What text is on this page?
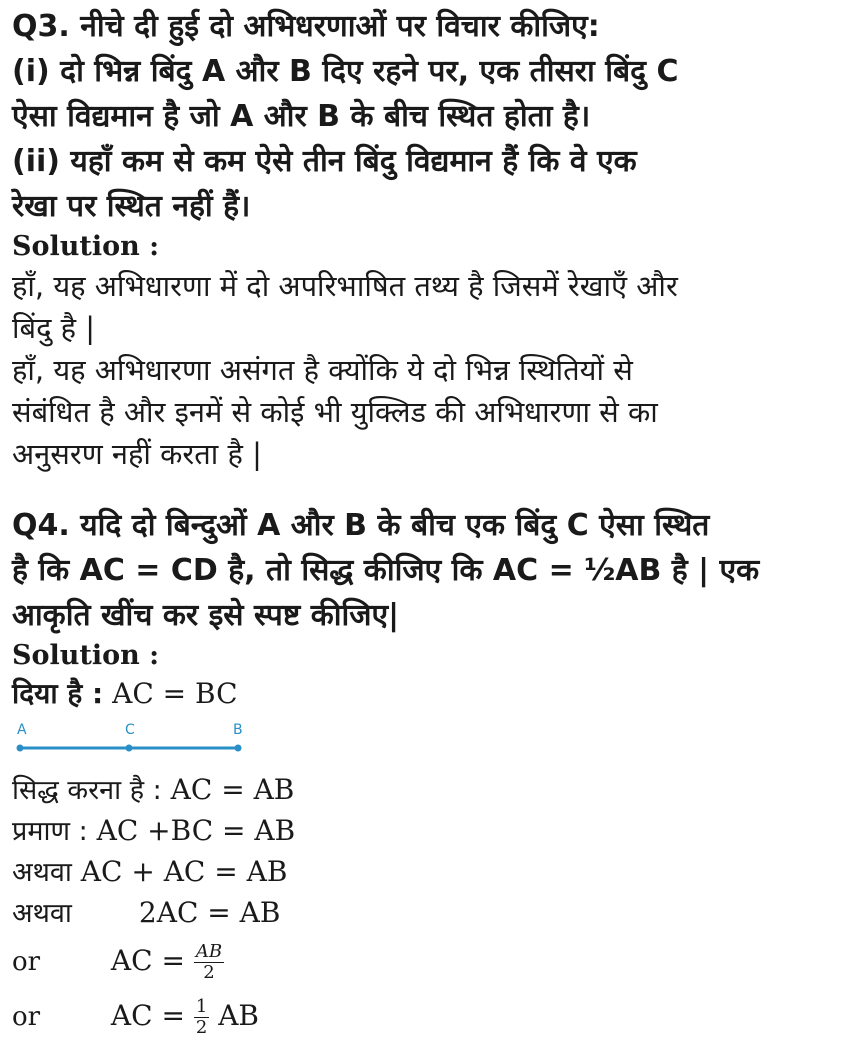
Q3. नीचे दी हुई दो अभिधरणाओं पर विचार कीजिए:
(i) दो भिन्न बिंदु A और B दिए रहने पर, एक तीसरा बिंदु C
ऐसा विद्यमान है जो A और B के बीच स्थित होता है।
(ii) यहाँ कम से कम ऐसे तीन बिंदु विद्यमान हैं कि वे एक
रेखा पर स्थित नहीं हैं।
Solution :
हाँ, यह अभिधारणा में दो अपरिभाषित तथ्य है जिसमें रेखाएँ और
बिंदु है |
हाँ, यह अभिधारणा असंगत है क्योंकि ये दो भिन्न स्थितियों से
संबंधित है और इनमें से कोई भी युक्लिड की अभिधारणा से का
अनुसरण नहीं करता है |
Q4. यदि दो बिन्दुओं A और B के बीच एक बिंदु C ऐसा स्थित
है कि AC = CD है, तो सिद्ध कीजिए कि AC = ½AB है | एक
आकृति खींच कर इसे स्पष्ट कीजिए|
Solution :
दिया है : AC = BC
A	C	B
सिद्ध करना है : AC = AB
प्रमाण : AC +BC = AB
अथवा AC + AC = AB
अथवा 2AC = AB
or	AC = $\frac{AB}{2}$
or	AC = $\frac{1}{2}$ AB
